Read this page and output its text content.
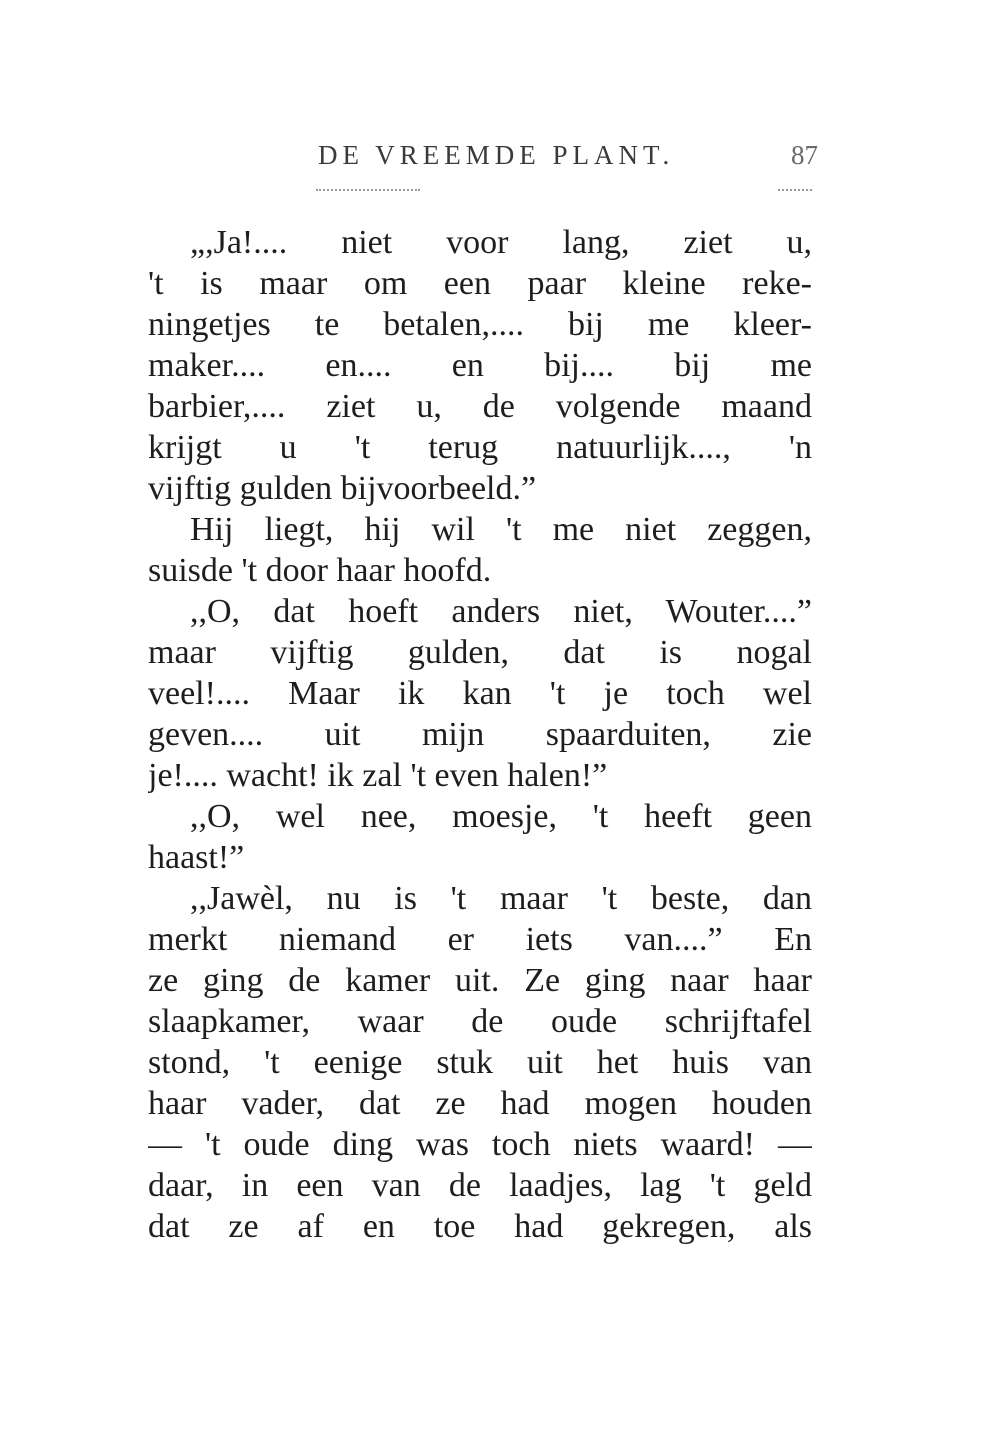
DE VREEMDE PLANT.	87
„,Ja!.... niet voor lang, ziet u,
't is maar om een paar kleine reke-
ningetjes te betalen,.... bij me kleer-
maker.... en.... en bij.... bij me
barbier,.... ziet u, de volgende maand
krijgt u 't terug natuurlijk...., 'n
vijftig gulden bijvoorbeeld.”
Hij liegt, hij wil 't me niet zeggen,
suisde 't door haar hoofd.
,,O, dat hoeft anders niet, Wouter....”
maar vijftig gulden, dat is nogal
veel!.... Maar ik kan 't je toch wel
geven.... uit mijn spaarduiten, zie
je!.... wacht! ik zal 't even halen!”
,,O, wel nee, moesje, 't heeft geen
haast!”
,,Jawèl, nu is 't maar 't beste, dan
merkt niemand er iets van....” En
ze ging de kamer uit. Ze ging naar haar
slaapkamer, waar de oude schrijftafel
stond, 't eenige stuk uit het huis van
haar vader, dat ze had mogen houden
— 't oude ding was toch niets waard! —
daar, in een van de laadjes, lag 't geld
dat ze af en toe had gekregen, als
